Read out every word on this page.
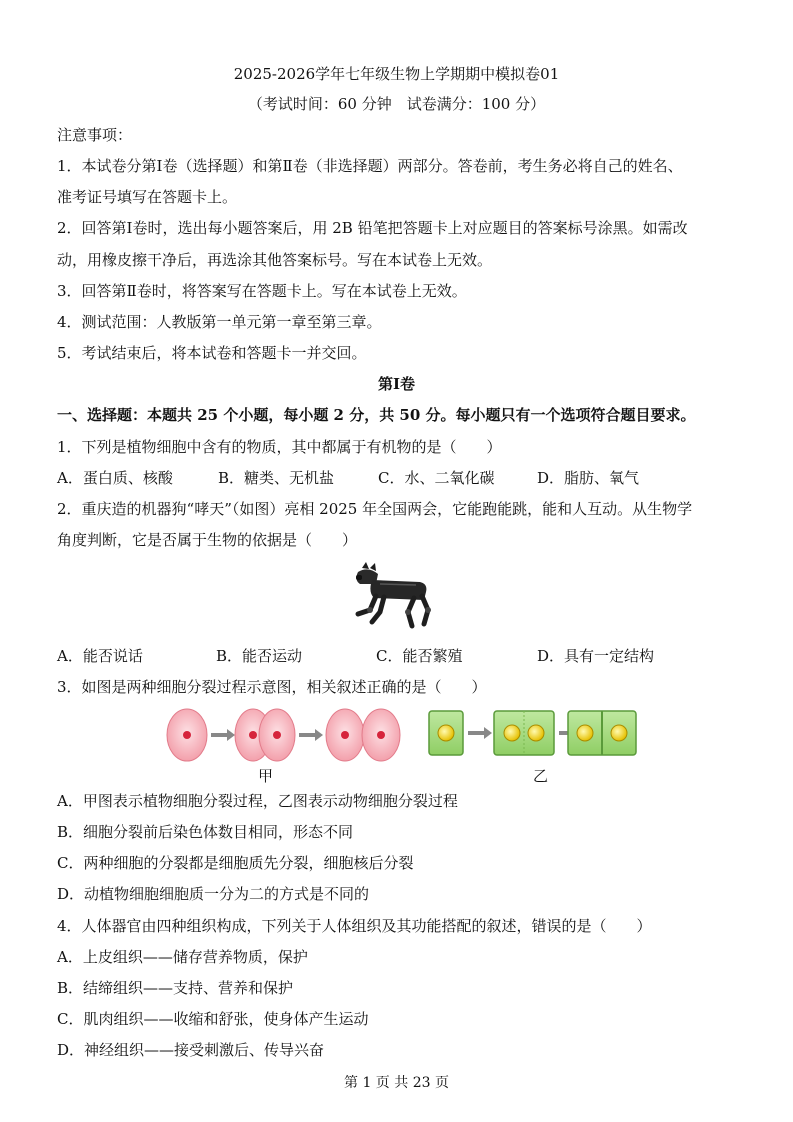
2025-2026学年七年级生物上学期期中模拟卷01
（考试时间：60 分钟　试卷满分：100 分）
注意事项：
1．本试卷分第Ⅰ卷（选择题）和第Ⅱ卷（非选择题）两部分。答卷前，考生务必将自己的姓名、
准考证号填写在答题卡上。
2．回答第Ⅰ卷时，选出每小题答案后，用 2B 铅笔把答题卡上对应题目的答案标号涂黑。如需改
动，用橡皮擦干净后，再选涂其他答案标号。写在本试卷上无效。
3．回答第Ⅱ卷时，将答案写在答题卡上。写在本试卷上无效。
4．测试范围：人教版第一单元第一章至第三章。
5．考试结束后，将本试卷和答题卡一并交回。
第Ⅰ卷
一、选择题：本题共 25 个小题，每小题 2 分，共 50 分。每小题只有一个选项符合题目要求。
1．下列是植物细胞中含有的物质，其中都属于有机物的是（　　）
A．蛋白质、核酸	B．糖类、无机盐	C．水、二氧化碳	D．脂肪、氧气
2．重庆造的机器狗“哮天”（如图）亮相 2025 年全国两会，它能跑能跳，能和人互动。从生物学
角度判断，它是否属于生物的依据是（　　）
A．能否说话	B．能否运动	C．能否繁殖	D．具有一定结构
3．如图是两种细胞分裂过程示意图，相关叙述正确的是（　　）
甲	乙
A．甲图表示植物细胞分裂过程，乙图表示动物细胞分裂过程
B．细胞分裂前后染色体数目相同，形态不同
C．两种细胞的分裂都是细胞质先分裂，细胞核后分裂
D．动植物细胞细胞质一分为二的方式是不同的
4．人体器官由四种组织构成，下列关于人体组织及其功能搭配的叙述，错误的是（　　）
A．上皮组织——储存营养物质，保护
B．结缔组织——支持、营养和保护
C．肌肉组织——收缩和舒张，使身体产生运动
D．神经组织——接受刺激后、传导兴奋
第 1 页 共 23 页
